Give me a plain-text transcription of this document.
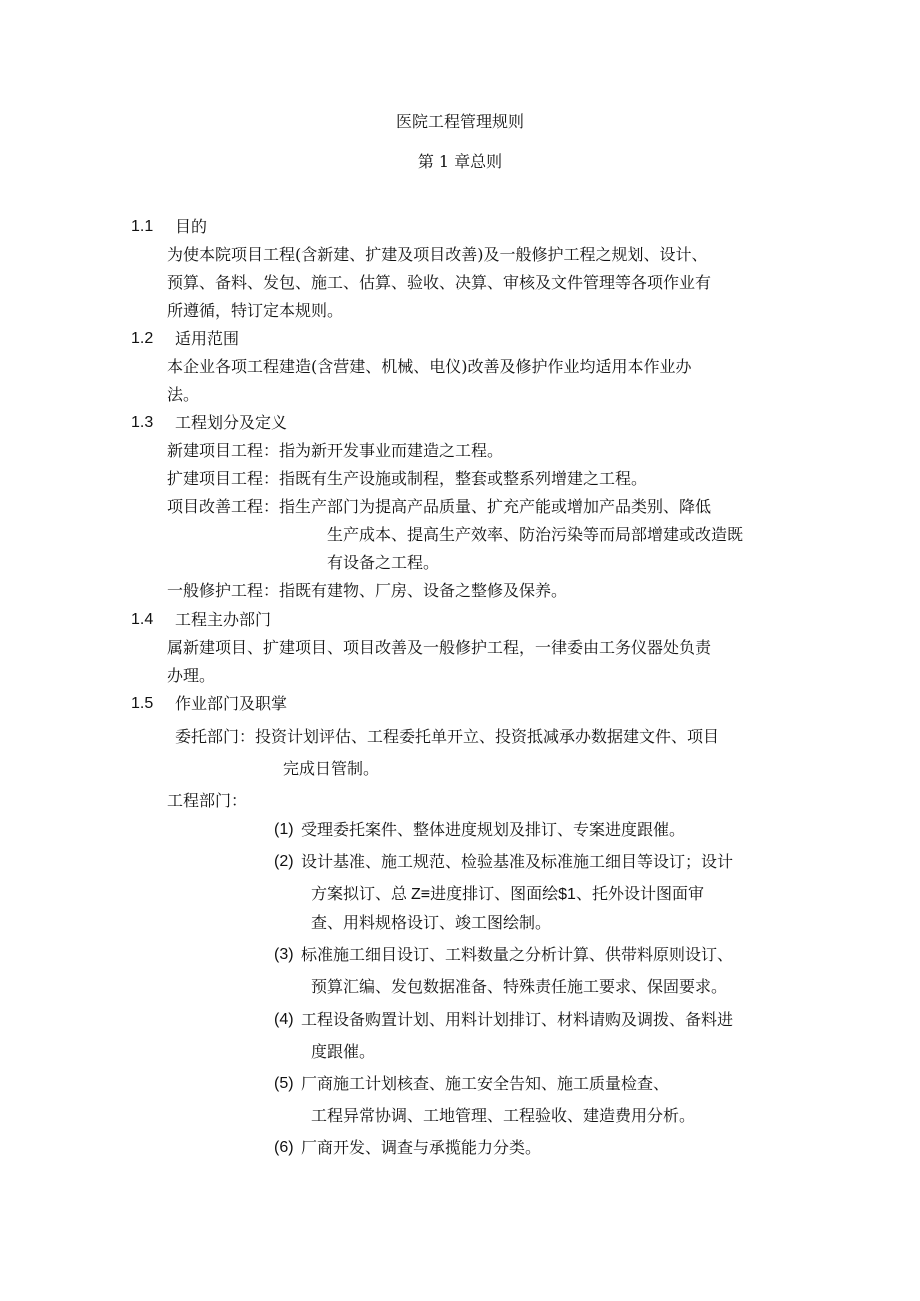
医院工程管理规则
第 1 章总则
1.1 目的
为使本院项目工程(含新建、扩建及项目改善)及一般修护工程之规划、设计、
预算、备料、发包、施工、估算、验收、决算、审核及文件管理等各项作业有
所遵循，特订定本规则。
1.2 适用范围
本企业各项工程建造(含营建、机械、电仪)改善及修护作业均适用本作业办
法。
1.3 工程划分及定义
新建项目工程：指为新开发事业而建造之工程。
扩建项目工程：指既有生产设施或制程，整套或整系列增建之工程。
项目改善工程：指生产部门为提高产品质量、扩充产能或增加产品类别、降低
生产成本、提高生产效率、防治污染等而局部增建或改造既
有设备之工程。
一般修护工程：指既有建物、厂房、设备之整修及保养。
1.4 工程主办部门
属新建项目、扩建项目、项目改善及一般修护工程，一律委由工务仪器处负责
办理。
1.5 作业部门及职掌
委托部门：投资计划评估、工程委托单开立、投资抵减承办数据建文件、项目
完成日管制。
工程部门：
(1) 受理委托案件、整体进度规划及排订、专案进度跟催。
(2) 设计基准、施工规范、检验基准及标准施工细目等设订；设计
方案拟订、总 Z≡进度排订、图面绘$1、托外设计图面审
查、用料规格设订、竣工图绘制。
(3) 标准施工细目设订、工料数量之分析计算、供带料原则设订、
预算汇编、发包数据准备、特殊责任施工要求、保固要求。
(4) 工程设备购置计划、用料计划排订、材料请购及调拨、备料进
度跟催。
(5) 厂商施工计划核查、施工安全告知、施工质量检查、
工程异常协调、工地管理、工程验收、建造费用分析。
(6) 厂商开发、调查与承揽能力分类。
